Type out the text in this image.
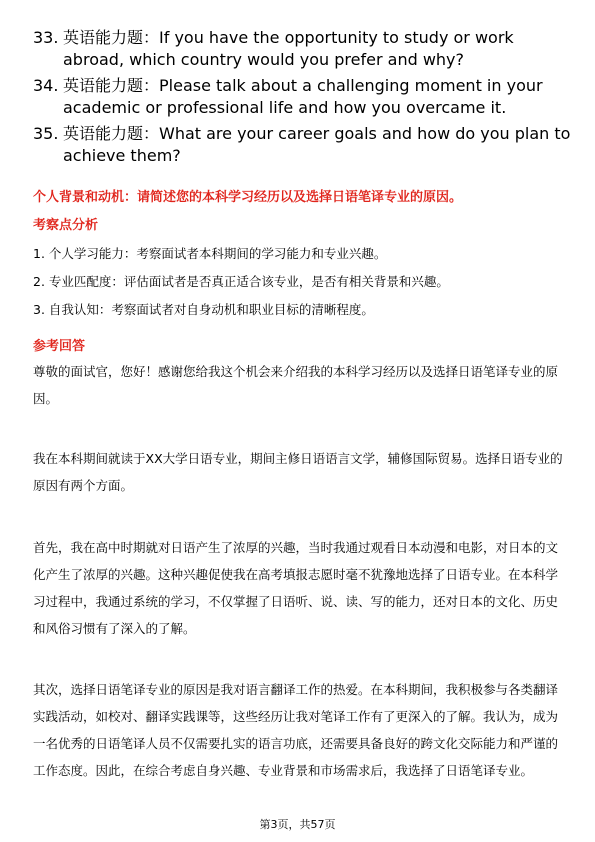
33. 英语能力题：If you have the opportunity to study or work abroad, which country would you prefer and why?
34. 英语能力题：Please talk about a challenging moment in your academic or professional life and how you overcame it.
35. 英语能力题：What are your career goals and how do you plan to achieve them?
个人背景和动机：请简述您的本科学习经历以及选择日语笔译专业的原因。
考察点分析
1. 个人学习能力：考察面试者本科期间的学习能力和专业兴趣。
2. 专业匹配度：评估面试者是否真正适合该专业，是否有相关背景和兴趣。
3. 自我认知：考察面试者对自身动机和职业目标的清晰程度。
参考回答
尊敬的面试官，您好！感谢您给我这个机会来介绍我的本科学习经历以及选择日语笔译专业的原因。
我在本科期间就读于XX大学日语专业，期间主修日语语言文学，辅修国际贸易。选择日语专业的原因有两个方面。
首先，我在高中时期就对日语产生了浓厚的兴趣，当时我通过观看日本动漫和电影，对日本的文化产生了浓厚的兴趣。这种兴趣促使我在高考填报志愿时毫不犹豫地选择了日语专业。在本科学习过程中，我通过系统的学习，不仅掌握了日语听、说、读、写的能力，还对日本的文化、历史和风俗习惯有了深入的了解。
其次，选择日语笔译专业的原因是我对语言翻译工作的热爱。在本科期间，我积极参与各类翻译实践活动，如校对、翻译实践课等，这些经历让我对笔译工作有了更深入的了解。我认为，成为一名优秀的日语笔译人员不仅需要扎实的语言功底，还需要具备良好的跨文化交际能力和严谨的工作态度。因此，在综合考虑自身兴趣、专业背景和市场需求后，我选择了日语笔译专业。
第3页，共57页
